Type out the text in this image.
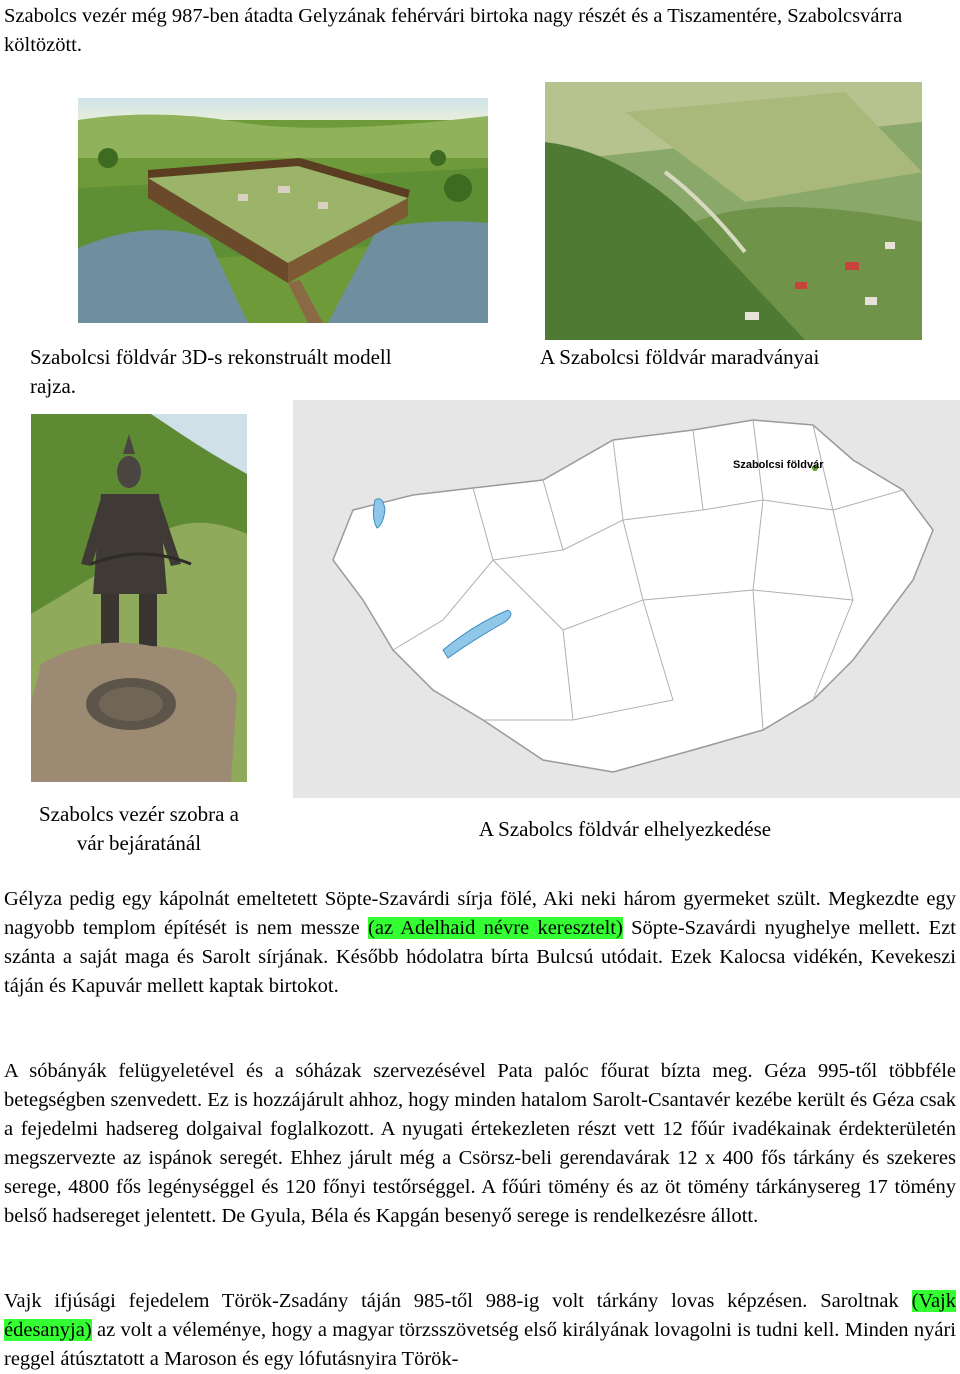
Szabolcs vezér még 987-ben átadta Gelyzának fehérvári birtoka nagy részét és a Tiszamentére, Szabolcsvárra költözött.

Szabolcsi földvár 3D-s rekonstruált modell rajza.

A Szabolcsi földvár maradványai

Szabolcsi földvár

Szabolcs vezér szobra a

vár bejáratánál

A Szabolcs földvár elhelyezkedése

Gélyza pedig egy kápolnát emeltetett Söpte-Szavárdi sírja fölé, Aki neki három gyermeket szült. Megkezdte egy nagyobb templom építését is nem messze (az Adelhaid névre keresztelt) Söpte-Szavárdi nyughelye mellett. Ezt szánta a saját maga és Sarolt sírjának. Később hódolatra bírta Bulcsú utódait. Ezek Kalocsa vidékén, Kevekeszi táján és Kapuvár mellett kaptak birtokot.

A sóbányák felügyeletével és a sóházak szervezésével Pata palóc főurat bízta meg. Géza 995-től többféle betegségben szenvedett. Ez is hozzájárult ahhoz, hogy minden hatalom Sarolt-Csantavér kezébe került és Géza csak a fejedelmi hadsereg dolgaival foglalkozott. A nyugati értekezleten részt vett 12 főúr ivadékainak érdekterületén megszervezte az ispánok seregét. Ehhez járult még a Csörsz-beli gerendavárak 12 x 400 fős tárkány és szekeres serege, 4800 fős legénységgel és 120 főnyi testőrséggel. A főúri tömény és az öt tömény tárkánysereg 17 tömény belső hadsereget jelentett. De Gyula, Béla és Kapgán besenyő serege is rendelkezésre állott.

Vajk ifjúsági fejedelem Török-Zsadány táján 985-től 988-ig volt tárkány lovas képzésen. Saroltnak (Vajk édesanyja) az volt a véleménye, hogy a magyar törzsszövetség első királyának lovagolni is tudni kell. Minden nyári reggel átúsztatott a Maroson és egy lófutásnyira Török-
